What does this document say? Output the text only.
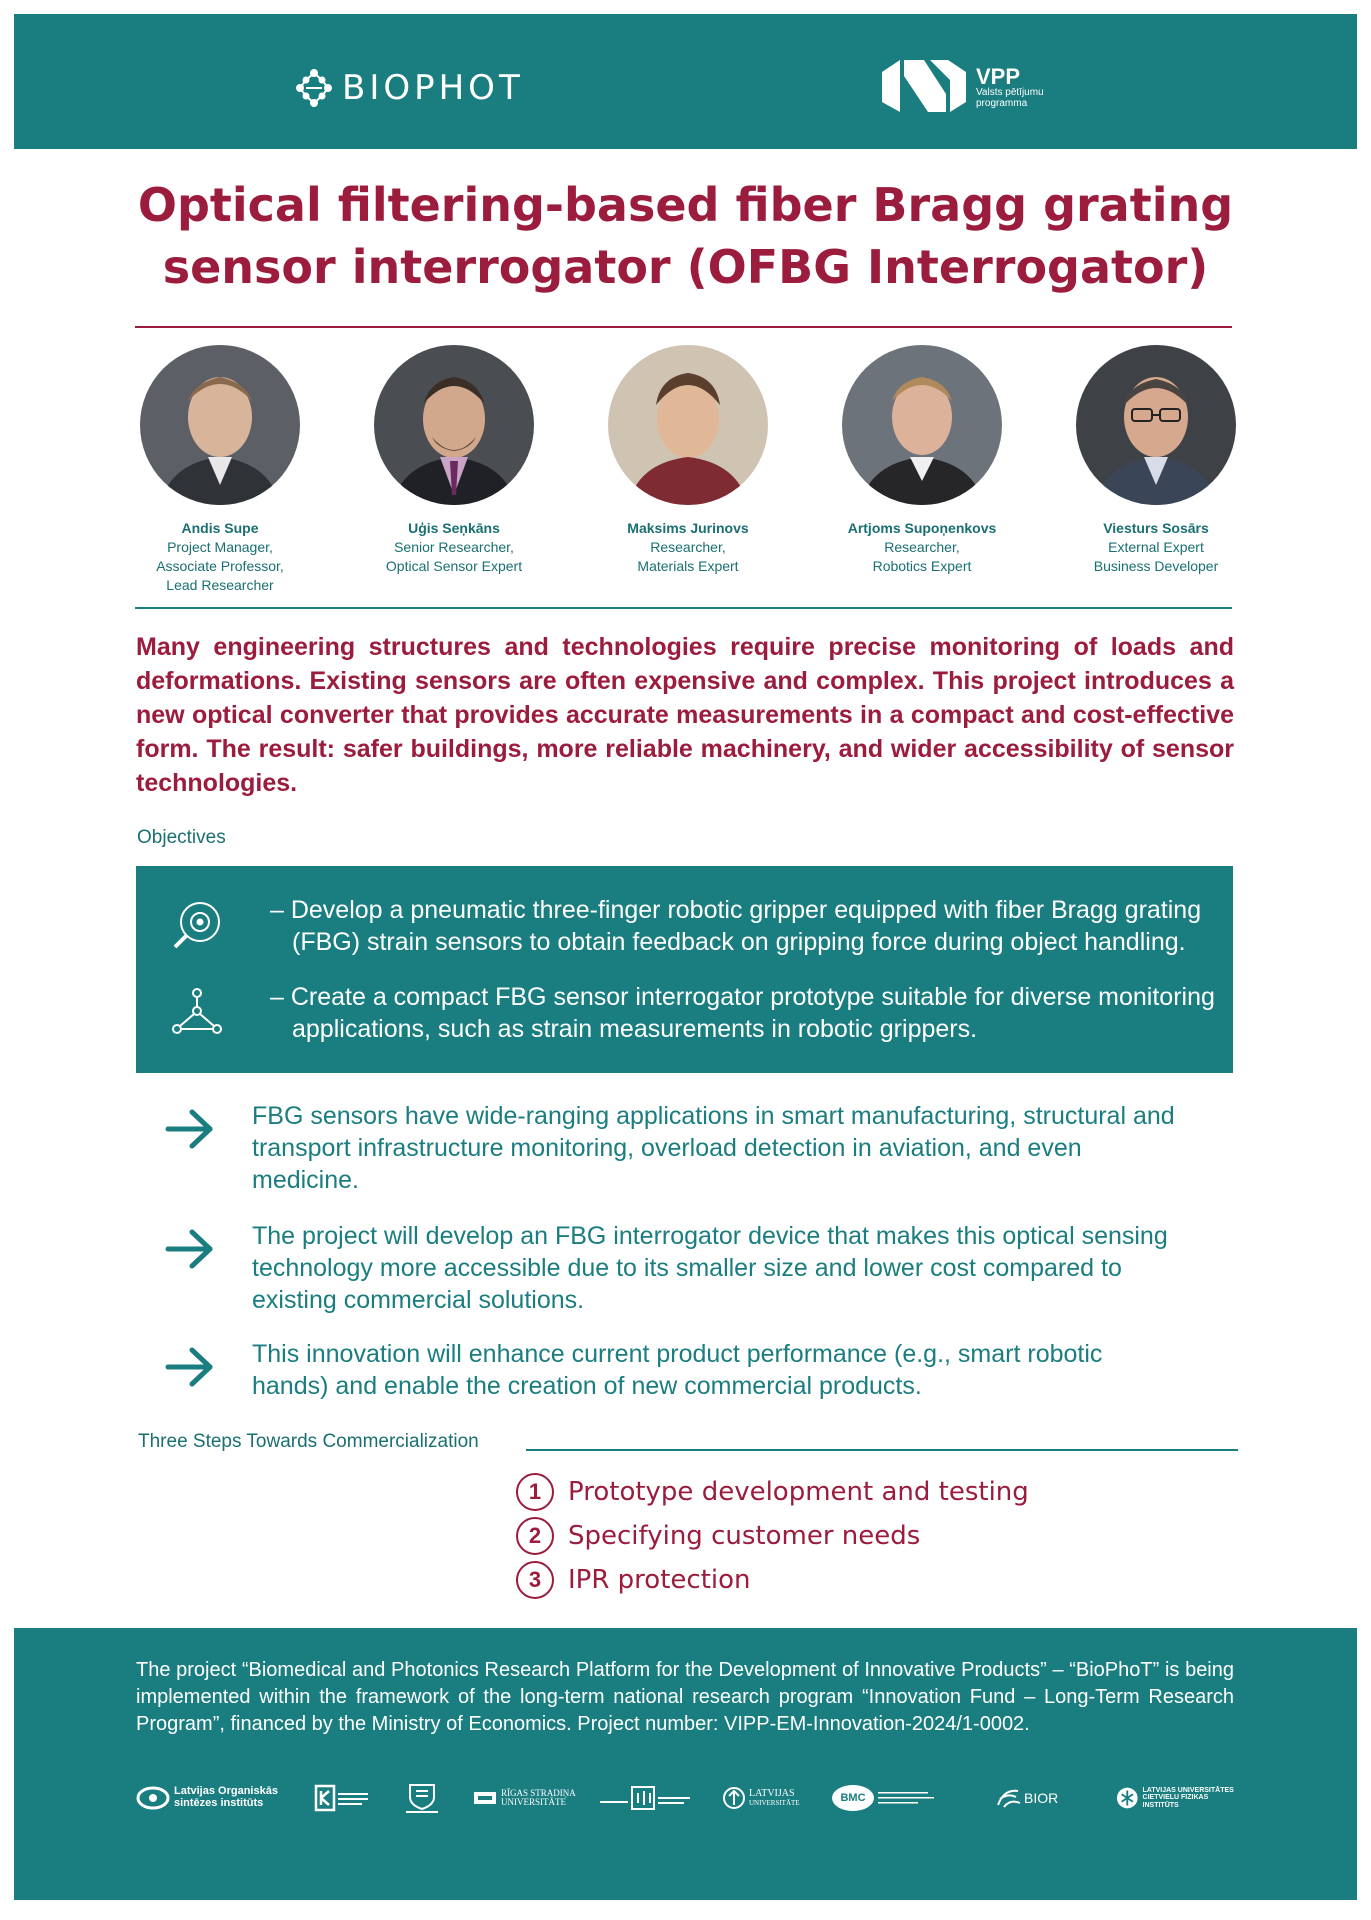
BIOPHOT	VPP
Valsts pētījumu
programma
Optical filtering-based fiber Bragg grating
sensor interrogator (OFBG Interrogator)
Andis Supe
Project Manager,
Associate Professor,
Lead Researcher
Uģis Seņkāns
Senior Researcher,
Optical Sensor Expert
Maksims Jurinovs
Researcher,
Materials Expert
Artjoms Supoņenkovs
Researcher,
Robotics Expert
Viesturs Sosārs
External Expert
Business Developer
Many engineering structures and technologies require precise monitoring of loads and deformations. Existing sensors are often expensive and complex. This project introduces a new optical converter that provides accurate measurements in a compact and cost-effective form. The result: safer buildings, more reliable machinery, and wider accessibility of sensor technologies.
Objectives
– Develop a pneumatic three-finger robotic gripper equipped with fiber Bragg grating (FBG) strain sensors to obtain feedback on gripping force during object handling.
– Create a compact FBG sensor interrogator prototype suitable for diverse monitoring applications, such as strain measurements in robotic grippers.
FBG sensors have wide-ranging applications in smart manufacturing, structural and transport infrastructure monitoring, overload detection in aviation, and even medicine.
The project will develop an FBG interrogator device that makes this optical sensing technology more accessible due to its smaller size and lower cost compared to existing commercial solutions.
This innovation will enhance current product performance (e.g., smart robotic hands) and enable the creation of new commercial products.
Three Steps Towards Commercialization
1	Prototype development and testing
2	Specifying customer needs
3	IPR protection
The project “Biomedical and Photonics Research Platform for the Development of Innovative Products” – “BioPhoT” is being implemented within the framework of the long-term national research program “Innovation Fund – Long-Term Research Program”, financed by the Ministry of Economics. Project number: VIPP-EM-Innovation-2024/1-0002.
Latvijas Organiskās
sintēzes institūts
RĪGAS STRADIŅA
UNIVERSITĀTE
LATVIJAS
UNIVERSITĀTE	BMC	BIOR	LATVIJAS UNIVERSITĀTES
CIETVIELU FIZIKAS INSTITŪTS
